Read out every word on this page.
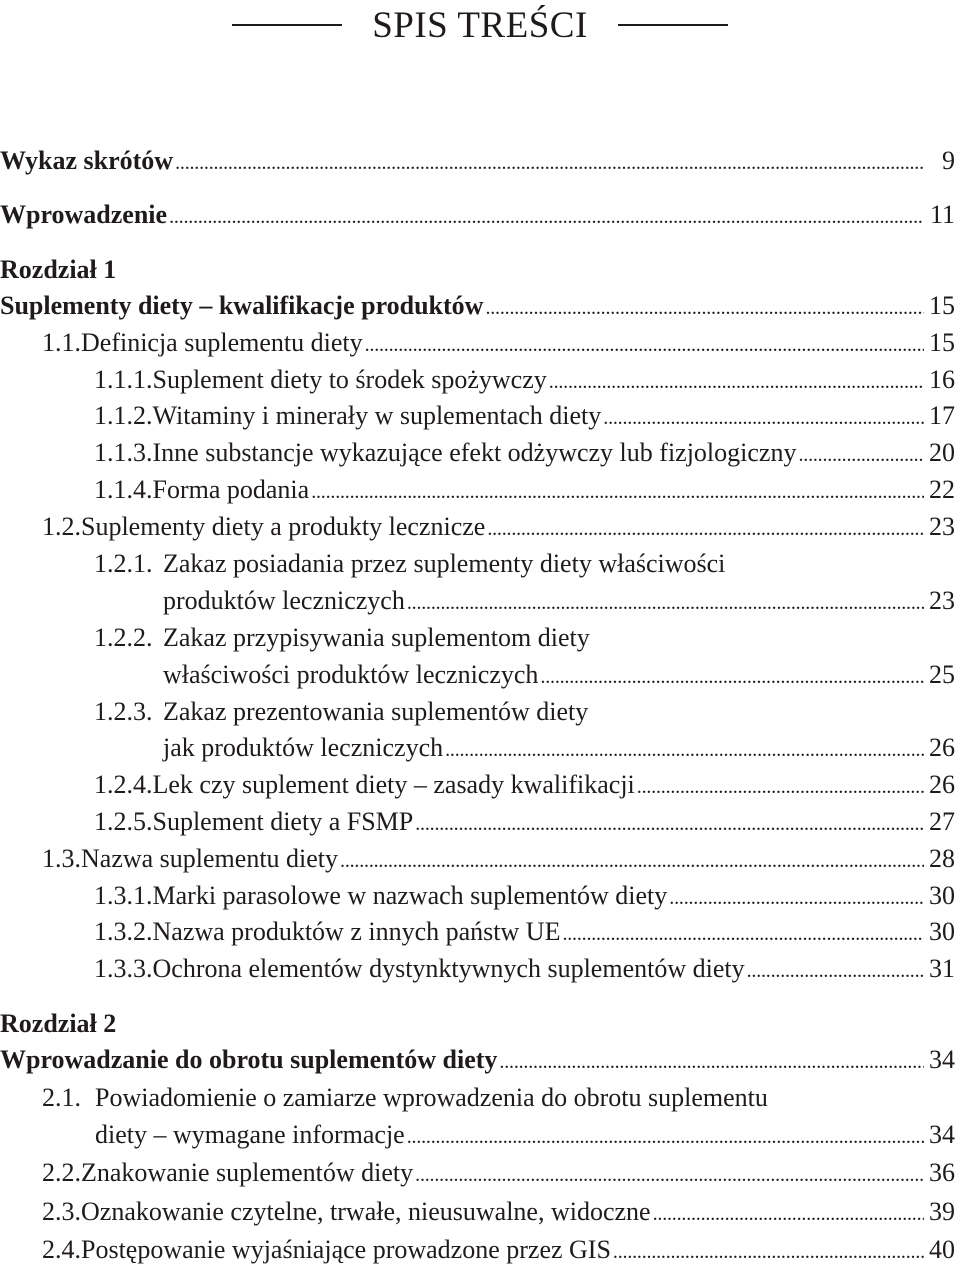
SPIS TREŚCI
Wykaz skrótów . . .	9
Wprowadzenie . . .	11
Rozdział 1
Suplementy diety – kwalifikacje produktów . . .	15
1.1. Definicja suplementu diety . . .	15
1.1.1. Suplement diety to środek spożywczy . . .	16
1.1.2. Witaminy i minerały w suplementach diety . . .	17
1.1.3. Inne substancje wykazujące efekt odżywczy lub fizjologiczny . . .	20
1.1.4. Forma podania . . .	22
1.2. Suplementy diety a produkty lecznicze . . .	23
1.2.1. Zakaz posiadania przez suplementy diety właściwości
produktów leczniczych . . .	23
1.2.2. Zakaz przypisywania suplementom diety
właściwości produktów leczniczych . . .	25
1.2.3. Zakaz prezentowania suplementów diety
jak produktów leczniczych . . .	26
1.2.4. Lek czy suplement diety – zasady kwalifikacji . . .	26
1.2.5. Suplement diety a FSMP . . .	27
1.3. Nazwa suplementu diety . . .	28
1.3.1. Marki parasolowe w nazwach suplementów diety . . .	30
1.3.2. Nazwa produktów z innych państw UE . . .	30
1.3.3. Ochrona elementów dystynktywnych suplementów diety . . .	31
Rozdział 2
Wprowadzanie do obrotu suplementów diety . . .	34
2.1. Powiadomienie o zamiarze wprowadzenia do obrotu suplementu
diety – wymagane informacje . . .	34
2.2. Znakowanie suplementów diety . . .	36
2.3. Oznakowanie czytelne, trwałe, nieusuwalne, widoczne . . .	39
2.4. Postępowanie wyjaśniające prowadzone przez GIS . . .	40
